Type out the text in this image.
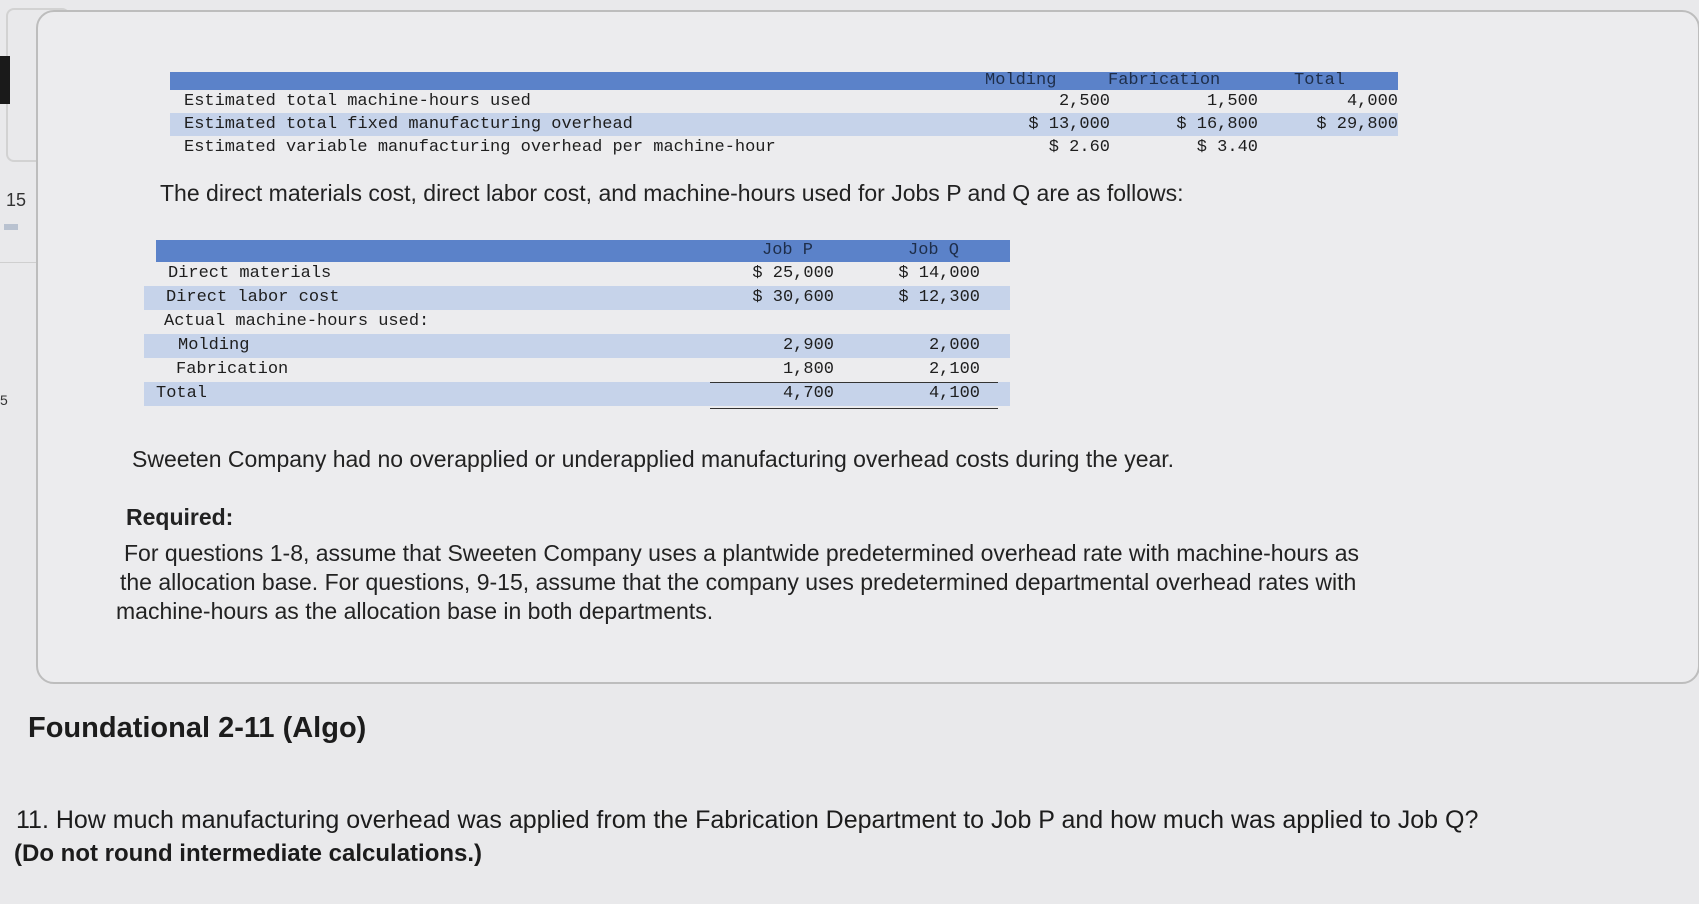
15
5
Molding	Fabrication	Total
Estimated total machine-hours used	2,500	1,500	4,000
Estimated total fixed manufacturing overhead	$ 13,000	$ 16,800	$ 29,800
Estimated variable manufacturing overhead per machine-hour	$ 2.60	$ 3.40
The direct materials cost, direct labor cost, and machine-hours used for Jobs P and Q are as follows:
Job P	Job Q
Direct materials	$ 25,000	$ 14,000
Direct labor cost	$ 30,600	$ 12,300
Actual machine-hours used:
Molding	2,900	2,000
Fabrication	1,800	2,100
Total	4,700	4,100
Sweeten Company had no overapplied or underapplied manufacturing overhead costs during the year.
Required:
For questions 1-8, assume that Sweeten Company uses a plantwide predetermined overhead rate with machine-hours as
the allocation base. For questions, 9-15, assume that the company uses predetermined departmental overhead rates with
machine-hours as the allocation base in both departments.
Foundational 2-11 (Algo)
11. How much manufacturing overhead was applied from the Fabrication Department to Job P and how much was applied to Job Q?
(Do not round intermediate calculations.)
